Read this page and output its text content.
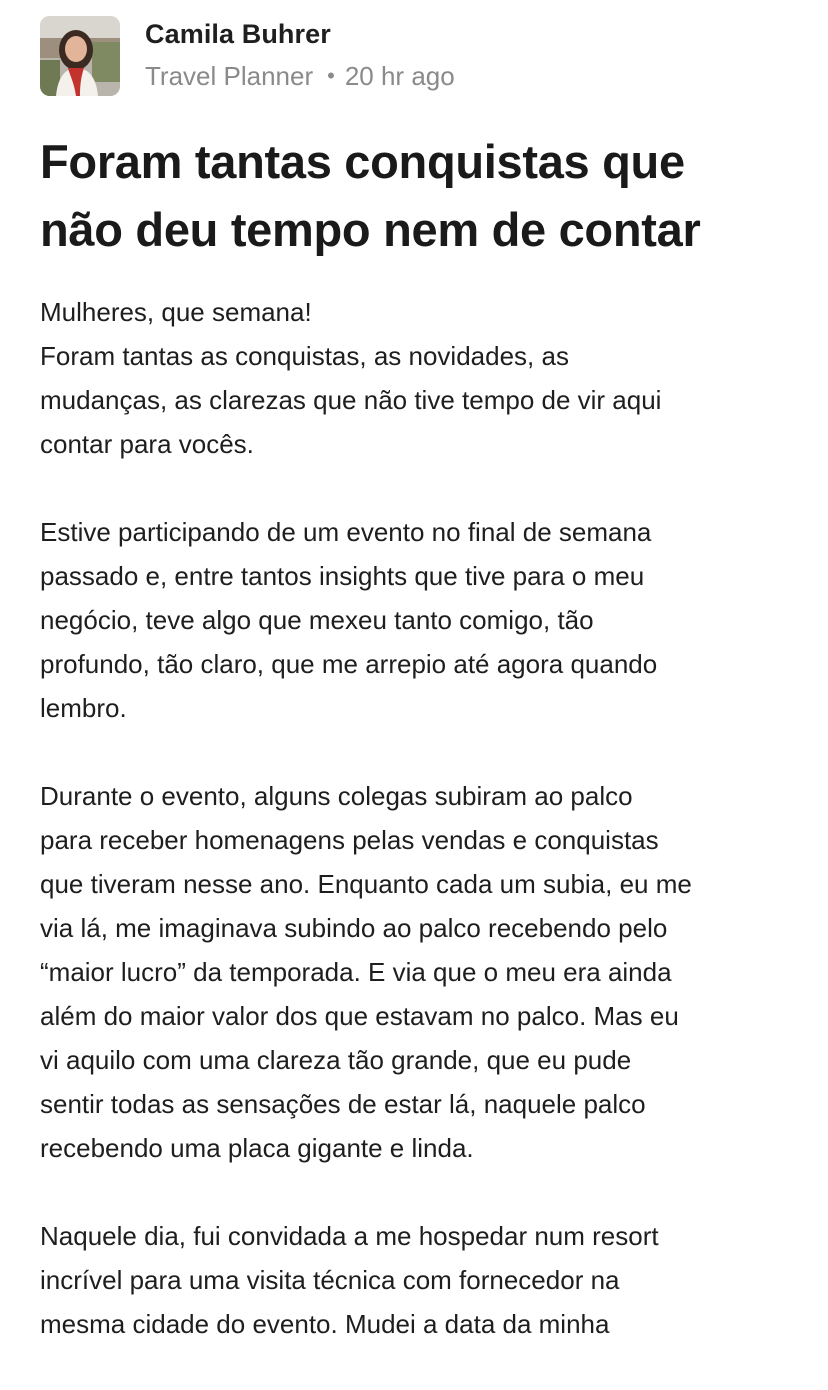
Camila Buhrer
Travel Planner • 20 hr ago
Foram tantas conquistas que
não deu tempo nem de contar

Mulheres, que semana!
Foram tantas as conquistas, as novidades, as
mudanças, as clarezas que não tive tempo de vir aqui
contar para vocês.

Estive participando de um evento no final de semana
passado e, entre tantos insights que tive para o meu
negócio, teve algo que mexeu tanto comigo, tão
profundo, tão claro, que me arrepio até agora quando
lembro.

Durante o evento, alguns colegas subiram ao palco
para receber homenagens pelas vendas e conquistas
que tiveram nesse ano. Enquanto cada um subia, eu me
via lá, me imaginava subindo ao palco recebendo pelo
“maior lucro” da temporada. E via que o meu era ainda
além do maior valor dos que estavam no palco. Mas eu
vi aquilo com uma clareza tão grande, que eu pude
sentir todas as sensações de estar lá, naquele palco
recebendo uma placa gigante e linda.

Naquele dia, fui convidada a me hospedar num resort
incrível para uma visita técnica com fornecedor na
mesma cidade do evento. Mudei a data da minha
